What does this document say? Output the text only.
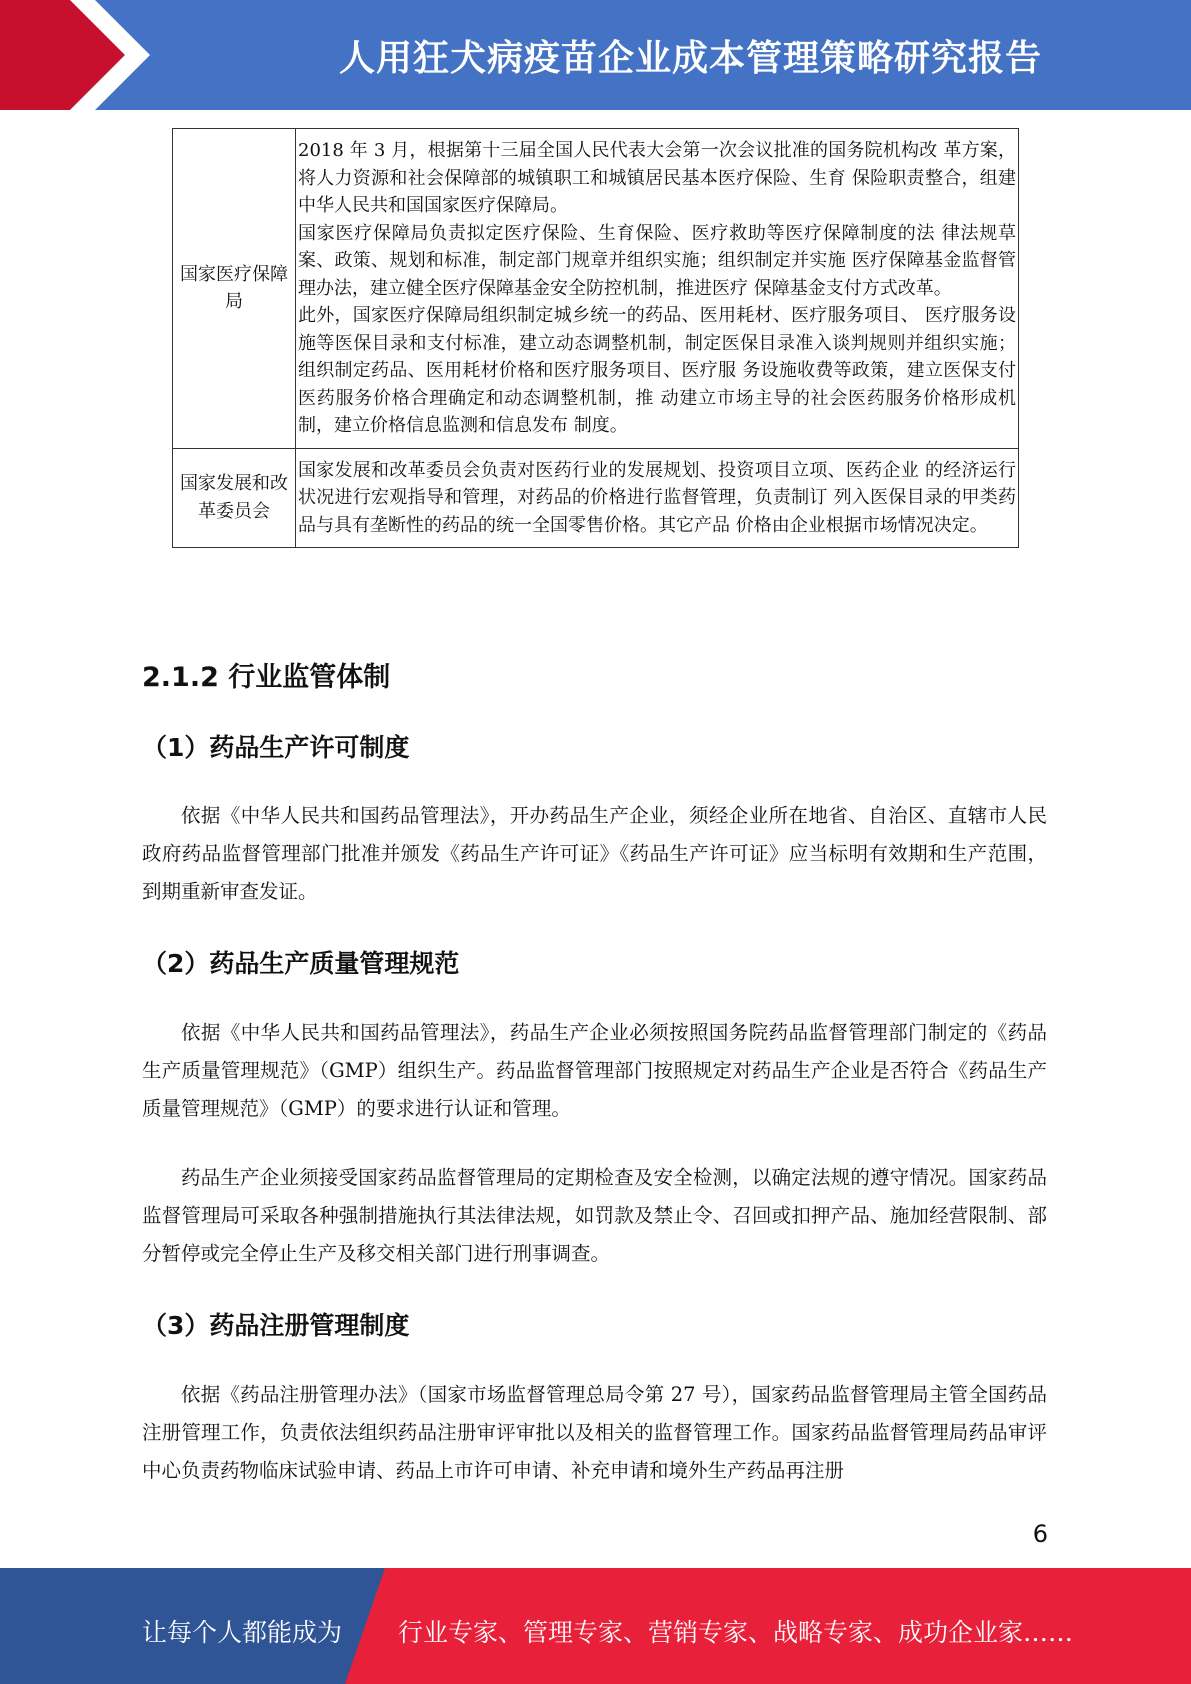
人用狂犬病疫苗企业成本管理策略研究报告
国家医疗保障局	2018 年 3 月，根据第十三届全国人民代表大会第一次会议批准的国务院机构改 革方案，将人力资源和社会保障部的城镇职工和城镇居民基本医疗保险、生育 保险职责整合，组建中华人民共和国国家医疗保障局。

国家医疗保障局负责拟定医疗保险、生育保险、医疗救助等医疗保障制度的法 律法规草案、政策、规划和标准，制定部门规章并组织实施；组织制定并实施 医疗保障基金监督管理办法，建立健全医疗保障基金安全防控机制，推进医疗 保障基金支付方式改革。

此外，国家医疗保障局组织制定城乡统一的药品、医用耗材、医疗服务项目、 医疗服务设施等医保目录和支付标准，建立动态调整机制，制定医保目录准入谈判规则并组织实施；组织制定药品、医用耗材价格和医疗服务项目、医疗服 务设施收费等政策，建立医保支付医药服务价格合理确定和动态调整机制，推 动建立市场主导的社会医药服务价格形成机制，建立价格信息监测和信息发布 制度。

国家发展和改革委员会	国家发展和改革委员会负责对医药行业的发展规划、投资项目立项、医药企业 的经济运行状况进行宏观指导和管理，对药品的价格进行监督管理，负责制订 列入医保目录的甲类药品与具有垄断性的药品的统一全国零售价格。其它产品 价格由企业根据市场情况决定。

2.1.2 行业监管体制
（1）药品生产许可制度

依据《中华人民共和国药品管理法》，开办药品生产企业，须经企业所在地省、自治区、直辖市人民政府药品监督管理部门批准并颁发《药品生产许可证》《药品生产许可证》应当标明有效期和生产范围，到期重新审查发证。

（2）药品生产质量管理规范

依据《中华人民共和国药品管理法》，药品生产企业必须按照国务院药品监督管理部门制定的《药品生产质量管理规范》（GMP）组织生产。药品监督管理部门按照规定对药品生产企业是否符合《药品生产质量管理规范》（GMP）的要求进行认证和管理。

药品生产企业须接受国家药品监督管理局的定期检查及安全检测，以确定法规的遵守情况。国家药品监督管理局可采取各种强制措施执行其法律法规，如罚款及禁止令、召回或扣押产品、施加经营限制、部分暂停或完全停止生产及移交相关部门进行刑事调查。

（3）药品注册管理制度

依据《药品注册管理办法》（国家市场监督管理总局令第 27 号），国家药品监督管理局主管全国药品注册管理工作，负责依法组织药品注册审评审批以及相关的监督管理工作。国家药品监督管理局药品审评中心负责药物临床试验申请、药品上市许可申请、补充申请和境外生产药品再注册

6
让每个人都能成为 行业专家、管理专家、营销专家、战略专家、成功企业家……
